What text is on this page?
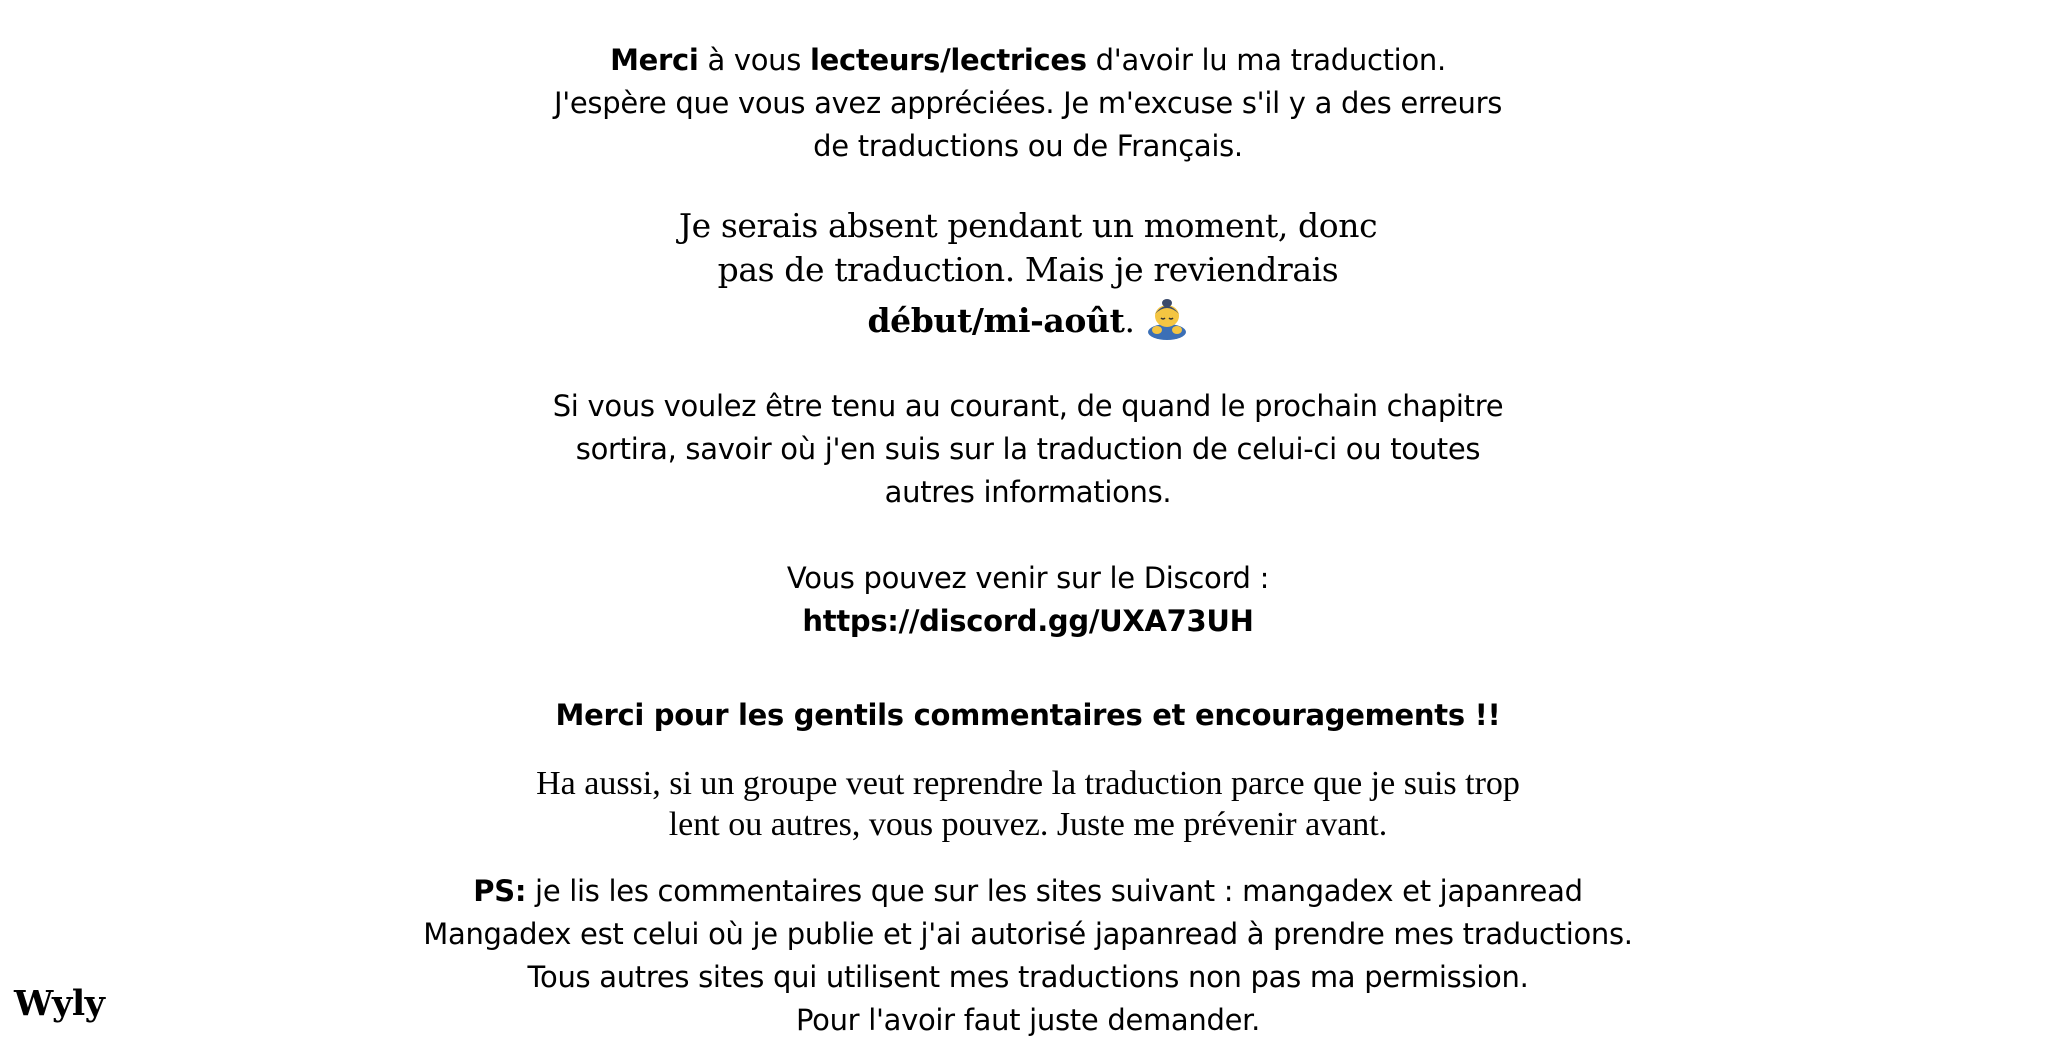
Merci à vous lecteurs/lectrices d'avoir lu ma traduction.
J'espère que vous avez appréciées. Je m'excuse s'il y a des erreurs
de traductions ou de Français.
Je serais absent pendant un moment, donc
pas de traduction. Mais je reviendrais
début/mi-août.
Si vous voulez être tenu au courant, de quand le prochain chapitre
sortira, savoir où j'en suis sur la traduction de celui-ci ou toutes
autres informations.
Vous pouvez venir sur le Discord :
https://discord.gg/UXA73UH
Merci pour les gentils commentaires et encouragements !!
Ha aussi, si un groupe veut reprendre la traduction parce que je suis trop
lent ou autres, vous pouvez. Juste me prévenir avant.
PS: je lis les commentaires que sur les sites suivant : mangadex et japanread
Mangadex est celui où je publie et j'ai autorisé japanread à prendre mes traductions.
Tous autres sites qui utilisent mes traductions non pas ma permission.
Pour l'avoir faut juste demander.
Wyly
